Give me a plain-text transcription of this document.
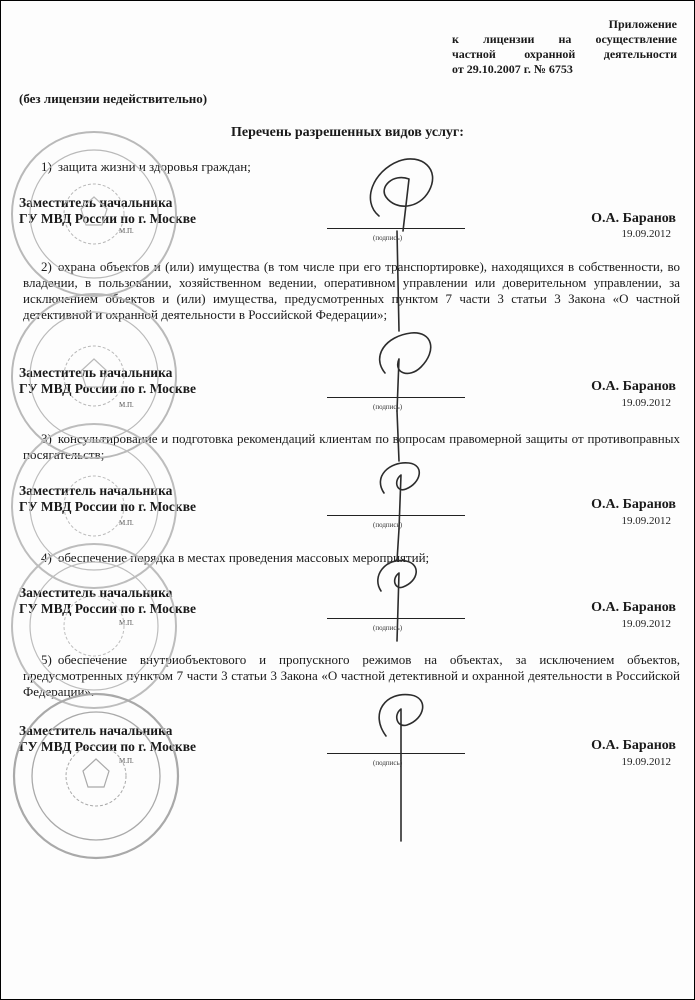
Приложение
к лицензии на осуществление
частной охранной деятельности
от 29.10.2007 г. № 6753
(без лицензии недействительно)
Перечень разрешенных видов услуг:
1) защита жизни и здоровья граждан;
Заместитель начальника
ГУ МВД России по г. Москве
М.П.
(подпись)
О.А. Баранов
19.09.2012
2) охрана объектов и (или) имущества (в том числе при его транспортировке), находящихся в собственности, во владении, в пользовании, хозяйственном ведении, оперативном управлении или доверительном управлении, за исключением объектов и (или) имущества, предусмотренных пунктом 7 части 3 статьи 3 Закона «О частной детективной и охранной деятельности в Российской Федерации»;
Заместитель начальника
ГУ МВД России по г. Москве
М.П.	(подпись)
О.А. Баранов
19.09.2012
3) консультирование и подготовка рекомендаций клиентам по вопросам правомерной защиты от противоправных посягательств;
Заместитель начальника
ГУ МВД России по г. Москве
М.П.	(подпись)
О.А. Баранов
19.09.2012
4) обеспечение порядка в местах проведения массовых мероприятий;
Заместитель начальника
ГУ МВД России по г. Москве
М.П.
(подпись)
О.А. Баранов
19.09.2012
5) обеспечение внутриобъектового и пропускного режимов на объектах, за исключением объектов, предусмотренных пунктом 7 части 3 статьи 3 Закона «О частной детективной и охранной деятельности в Российской Федерации».
Заместитель начальника
ГУ МВД России по г. Москве
М.П.	(подпись)
О.А. Баранов
19.09.2012
